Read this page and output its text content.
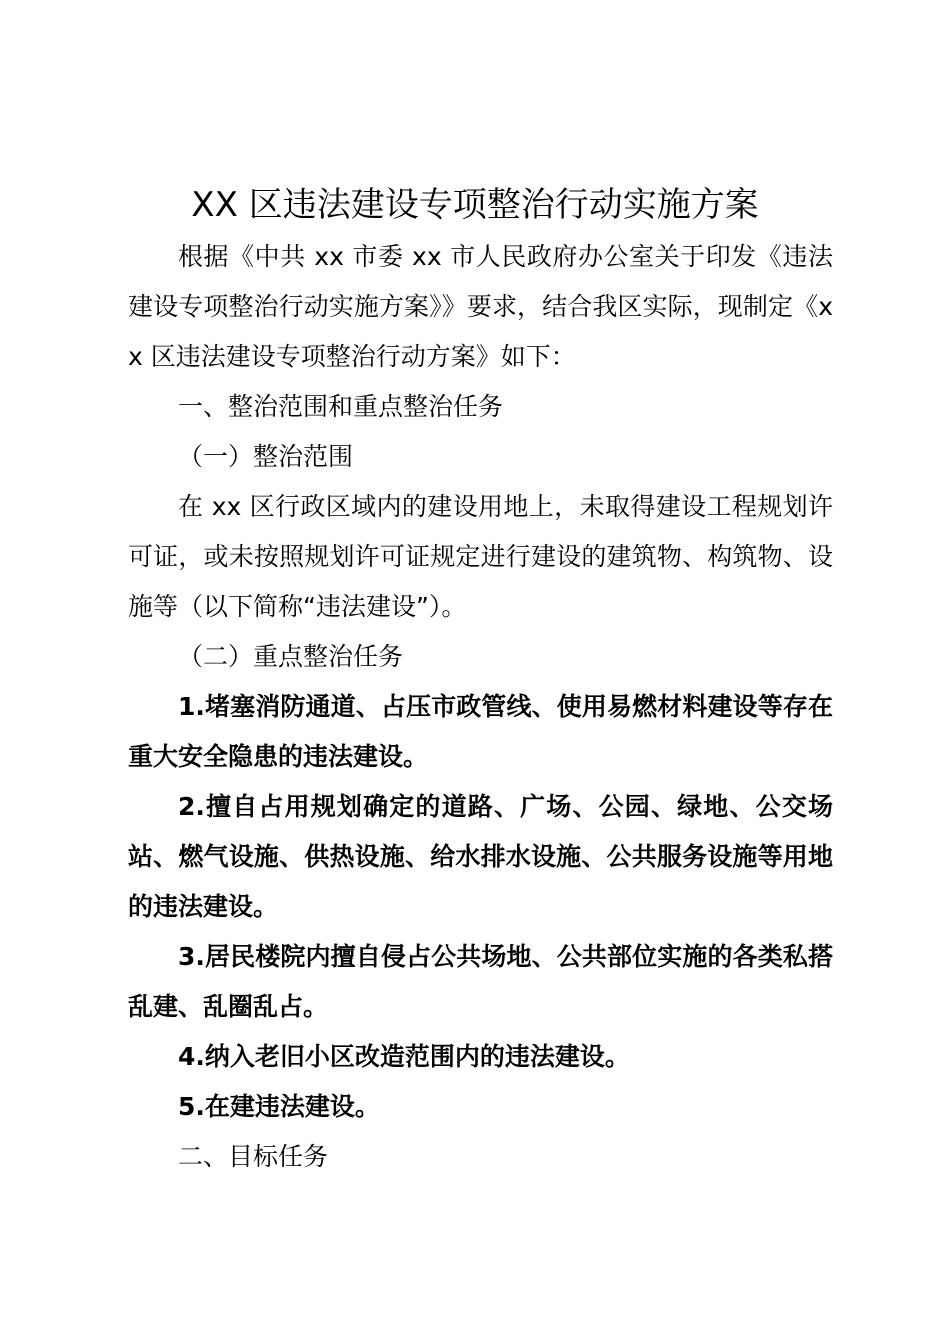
XX 区违法建设专项整治行动实施方案

根据《中共 xx 市委 xx 市人民政府办公室关于印发《违法建设专项整治行动实施方案》》要求，结合我区实际，现制定《xx 区违法建设专项整治行动方案》如下：

一、整治范围和重点整治任务

（一）整治范围

在 xx 区行政区域内的建设用地上，未取得建设工程规划许可证，或未按照规划许可证规定进行建设的建筑物、构筑物、设施等（以下简称“违法建设”）。

（二）重点整治任务

1.堵塞消防通道、占压市政管线、使用易燃材料建设等存在重大安全隐患的违法建设。

2.擅自占用规划确定的道路、广场、公园、绿地、公交场站、燃气设施、供热设施、给水排水设施、公共服务设施等用地的违法建设。

3.居民楼院内擅自侵占公共场地、公共部位实施的各类私搭乱建、乱圈乱占。

4.纳入老旧小区改造范围内的违法建设。

5.在建违法建设。

二、目标任务
